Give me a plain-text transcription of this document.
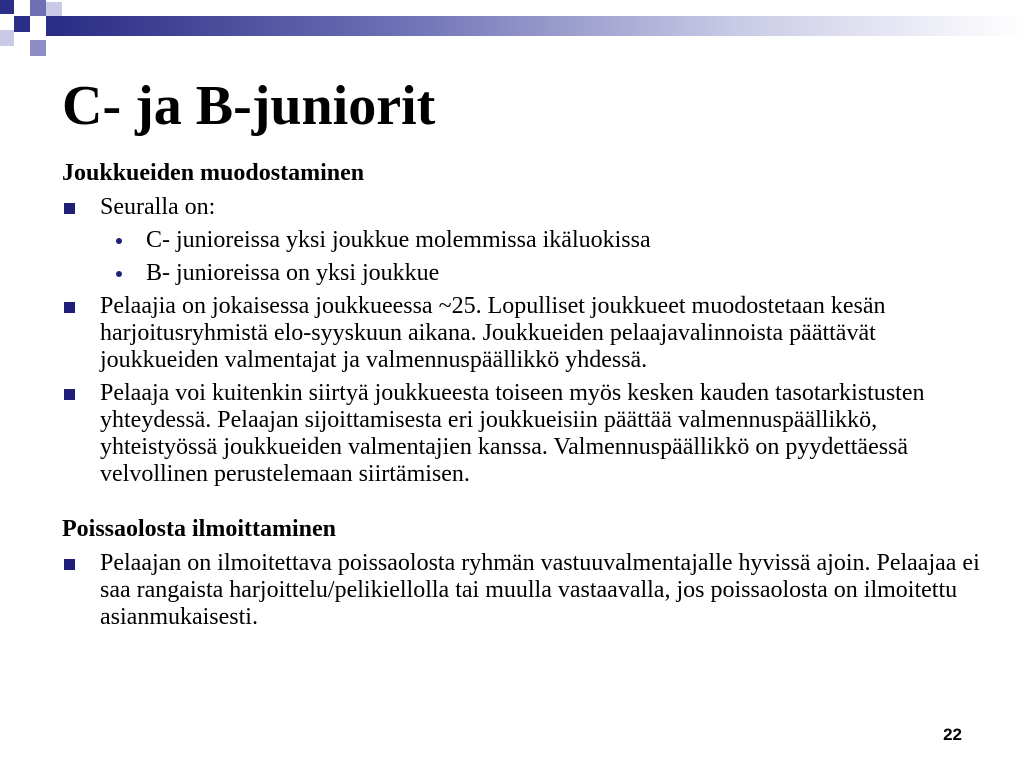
C- ja B-juniorit
Joukkueiden muodostaminen
Seuralla on:
C- junioreissa yksi joukkue molemmissa ikäluokissa
B- junioreissa on yksi joukkue
Pelaajia on jokaisessa joukkueessa ~25. Lopulliset joukkueet muodostetaan kesän harjoitusryhmistä elo-syyskuun aikana. Joukkueiden pelaajavalinnoista päättävät joukkueiden valmentajat ja valmennuspäällikkö yhdessä.
Pelaaja voi kuitenkin siirtyä joukkueesta toiseen myös kesken kauden tasotarkistusten yhteydessä. Pelaajan sijoittamisesta eri joukkueisiin päättää valmennuspäällikkö, yhteistyössä joukkueiden valmentajien kanssa. Valmennuspäällikkö on pyydettäessä velvollinen perustelemaan siirtämisen.
Poissaolosta ilmoittaminen
Pelaajan on ilmoitettava poissaolosta ryhmän vastuuvalmentajalle hyvissä ajoin. Pelaajaa ei saa rangaista harjoittelu/pelikiellolla tai muulla vastaavalla, jos poissaolosta on ilmoitettu asianmukaisesti.
22
